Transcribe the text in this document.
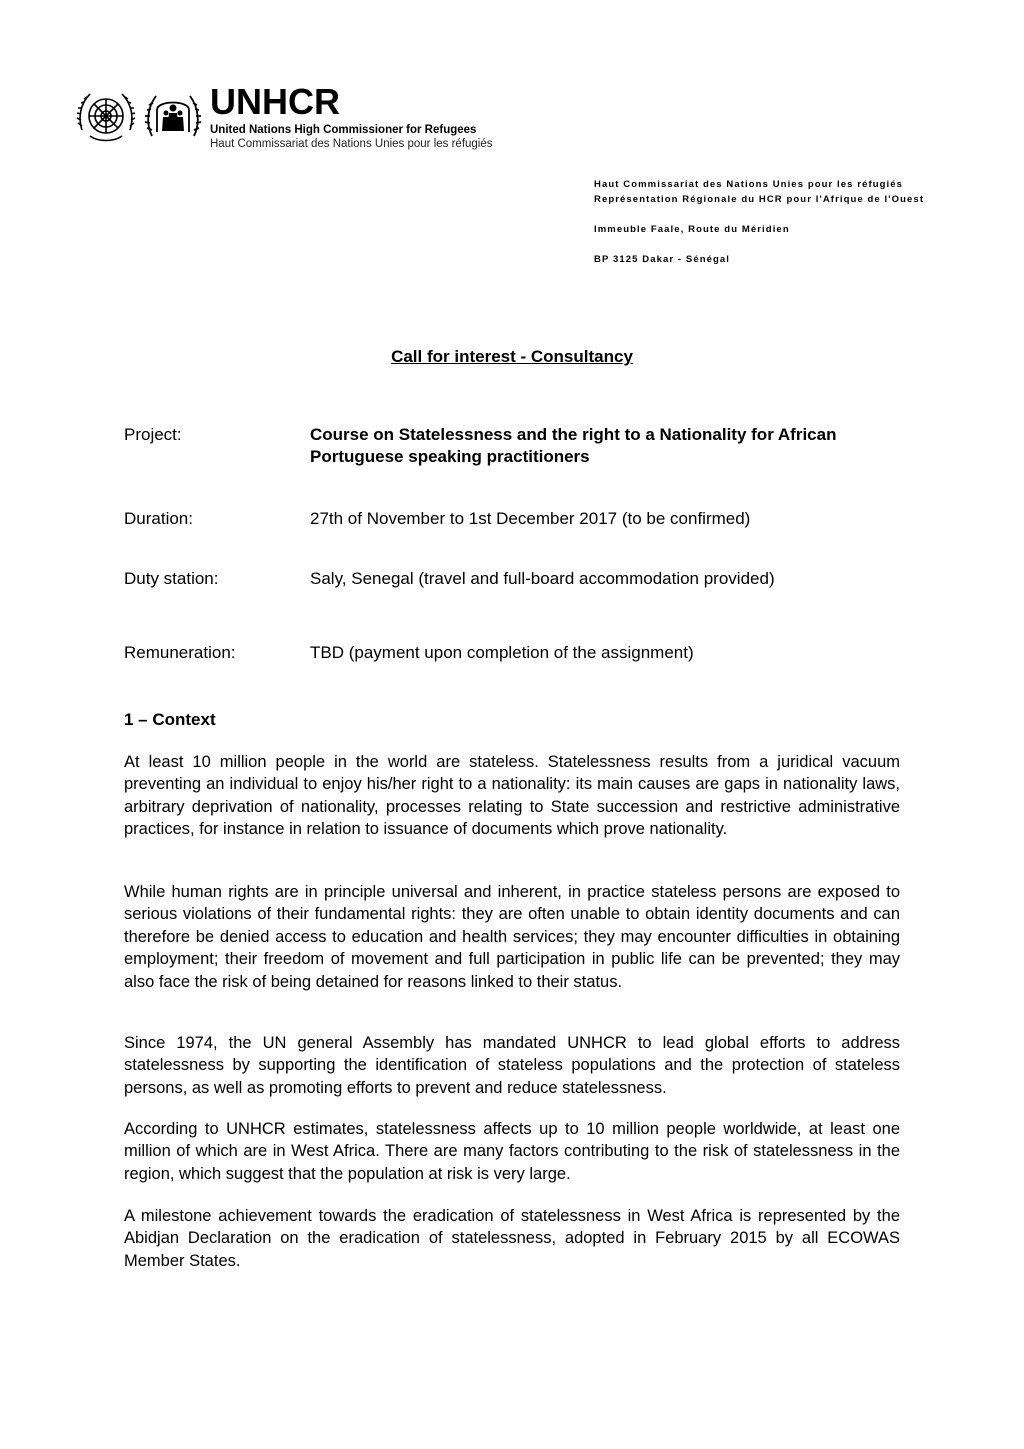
UNHCR
United Nations High Commissioner for Refugees
Haut Commissariat des Nations Unies pour les réfugiés
Haut Commissariat des Nations Unies pour les réfugiés
Représentation Régionale du HCR pour l'Afrique de l'Ouest
Immeuble Faale, Route du Méridien
BP 3125 Dakar - Sénégal
Call for interest - Consultancy
Project:	Course on Statelessness and the right to a Nationality for African Portuguese speaking practitioners
Duration:	27th of November to 1st December 2017 (to be confirmed)
Duty station:	Saly, Senegal (travel and full-board accommodation provided)
Remuneration:	TBD (payment upon completion of the assignment)
1 – Context
At least 10 million people in the world are stateless. Statelessness results from a juridical vacuum preventing an individual to enjoy his/her right to a nationality: its main causes are gaps in nationality laws, arbitrary deprivation of nationality, processes relating to State succession and restrictive administrative practices, for instance in relation to issuance of documents which prove nationality.
While human rights are in principle universal and inherent, in practice stateless persons are exposed to serious violations of their fundamental rights: they are often unable to obtain identity documents and can therefore be denied access to education and health services; they may encounter difficulties in obtaining employment; their freedom of movement and full participation in public life can be prevented; they may also face the risk of being detained for reasons linked to their status.
Since 1974, the UN general Assembly has mandated UNHCR to lead global efforts to address statelessness by supporting the identification of stateless populations and the protection of stateless persons, as well as promoting efforts to prevent and reduce statelessness.
According to UNHCR estimates, statelessness affects up to 10 million people worldwide, at least one million of which are in West Africa. There are many factors contributing to the risk of statelessness in the region, which suggest that the population at risk is very large.
A milestone achievement towards the eradication of statelessness in West Africa is represented by the Abidjan Declaration on the eradication of statelessness, adopted in February 2015 by all ECOWAS Member States.
